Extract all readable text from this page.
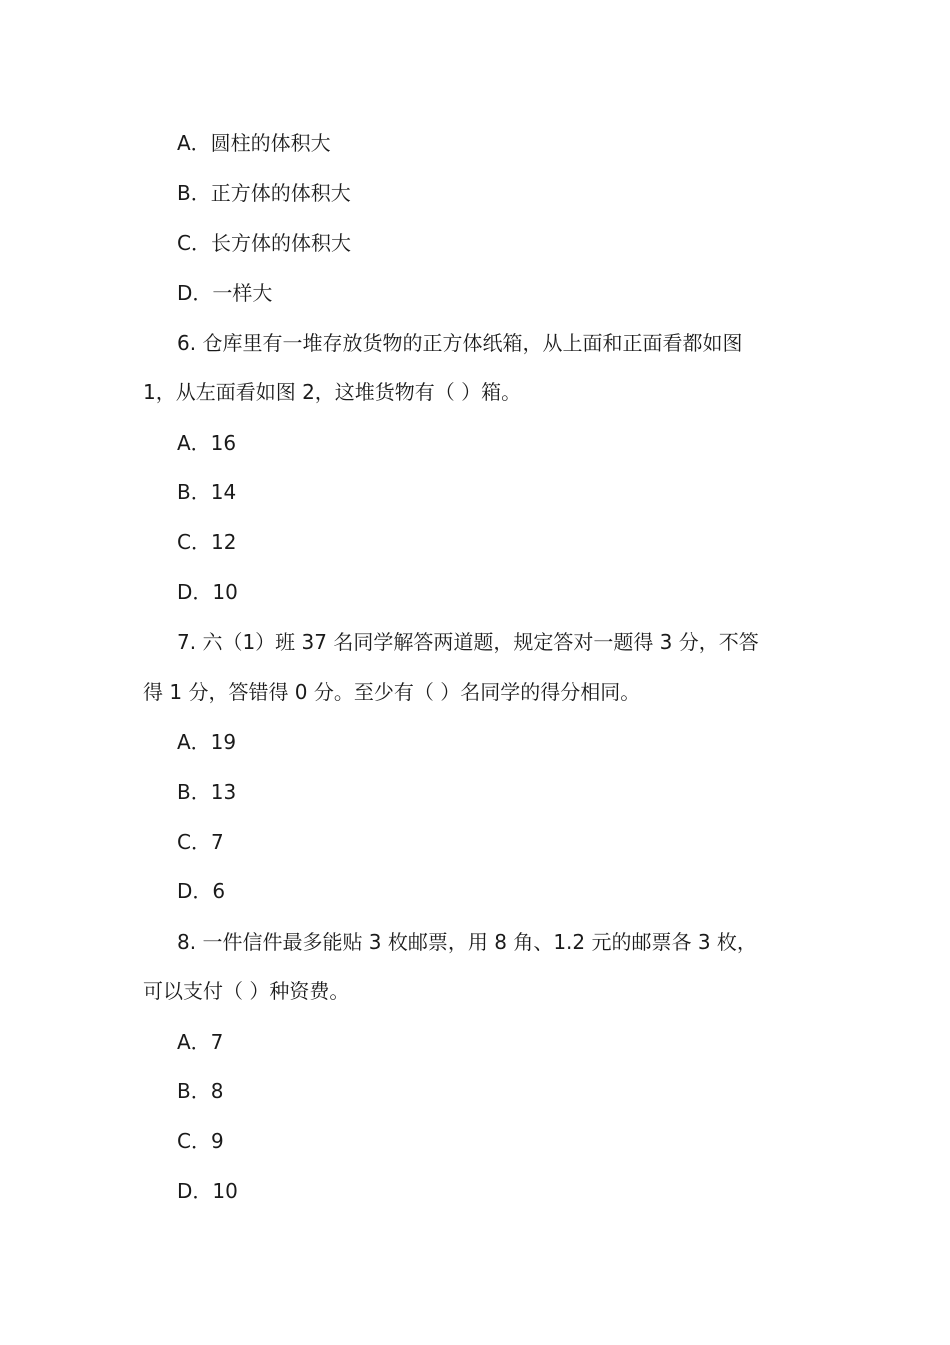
A．圆柱的体积大
B．正方体的体积大
C．长方体的体积大
D．一样大
6. 仓库里有一堆存放货物的正方体纸箱，从上面和正面看都如图
1，从左面看如图 2，这堆货物有（ ）箱。
A．16
B．14
C．12
D．10
7. 六（1）班 37 名同学解答两道题，规定答对一题得 3 分，不答
得 1 分，答错得 0 分。至少有（ ）名同学的得分相同。
A．19
B．13
C．7
D．6
8. 一件信件最多能贴 3 枚邮票，用 8 角、1.2 元的邮票各 3 枚，
可以支付（ ）种资费。
A．7
B．8
C．9
D．10
